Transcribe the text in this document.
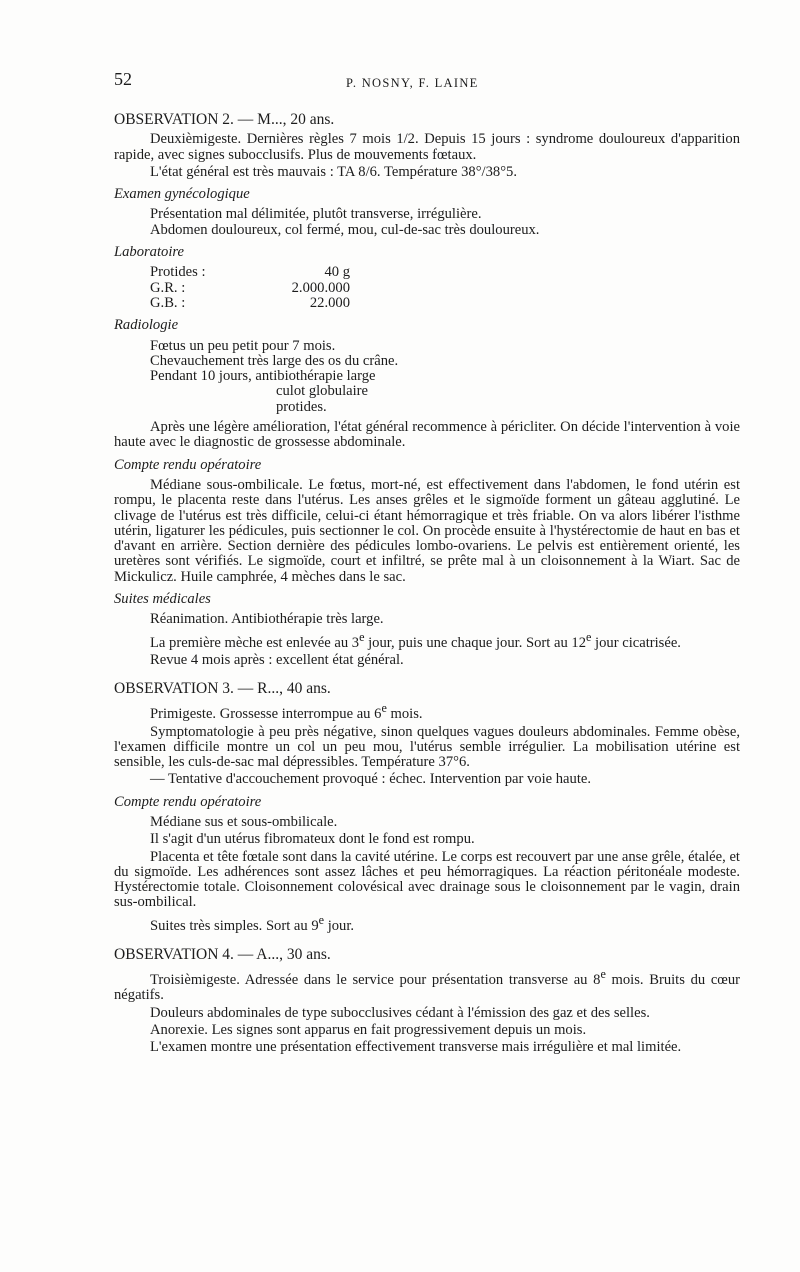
52	P. NOSNY, F. LAINE
OBSERVATION 2. — M..., 20 ans.

Deuxièmigeste. Dernières règles 7 mois 1/2. Depuis 15 jours : syndrome douloureux d'apparition rapide, avec signes subocclusifs. Plus de mouvements fœtaux.

L'état général est très mauvais : TA 8/6. Température 38°/38°5.

Examen gynécologique
Présentation mal délimitée, plutôt transverse, irrégulière.
Abdomen douloureux, col fermé, mou, cul-de-sac très douloureux.
Laboratoire
Protides :	40 g
G.R. :	2.000.000
G.B. :	22.000
Radiologie
Fœtus un peu petit pour 7 mois.
Chevauchement très large des os du crâne.
Pendant 10 jours, antibiothérapie large
culot globulaire
protides.

Après une légère amélioration, l'état général recommence à péricliter. On décide l'intervention à voie haute avec le diagnostic de grossesse abdominale.

Compte rendu opératoire

Médiane sous-ombilicale. Le fœtus, mort-né, est effectivement dans l'abdomen, le fond utérin est rompu, le placenta reste dans l'utérus. Les anses grêles et le sigmoïde forment un gâteau agglutiné. Le clivage de l'utérus est très difficile, celui-ci étant hémorragique et très friable. On va alors libérer l'isthme utérin, ligaturer les pédicules, puis sectionner le col. On procède ensuite à l'hystérectomie de haut en bas et d'avant en arrière. Section dernière des pédicules lombo-ovariens. Le pelvis est entièrement orienté, les uretères sont vérifiés. Le sigmoïde, court et infiltré, se prête mal à un cloisonnement à la Wiart. Sac de Mickulicz. Huile camphrée, 4 mèches dans le sac.

Suites médicales

Réanimation. Antibiothérapie très large.

La première mèche est enlevée au 3e jour, puis une chaque jour. Sort au 12e jour cicatrisée.

Revue 4 mois après : excellent état général.

OBSERVATION 3. — R..., 40 ans.

Primigeste. Grossesse interrompue au 6e mois.

Symptomatologie à peu près négative, sinon quelques vagues douleurs abdominales. Femme obèse, l'examen difficile montre un col un peu mou, l'utérus semble irrégulier. La mobilisation utérine est sensible, les culs-de-sac mal dépressibles. Température 37°6.

— Tentative d'accouchement provoqué : échec. Intervention par voie haute.

Compte rendu opératoire

Médiane sus et sous-ombilicale.

Il s'agit d'un utérus fibromateux dont le fond est rompu.

Placenta et tête fœtale sont dans la cavité utérine. Le corps est recouvert par une anse grêle, étalée, et du sigmoïde. Les adhérences sont assez lâches et peu hémorragiques. La réaction péritonéale modeste. Hystérectomie totale. Cloisonnement colovésical avec drainage sous le cloisonnement par le vagin, drain sus-ombilical.

Suites très simples. Sort au 9e jour.

OBSERVATION 4. — A..., 30 ans.

Troisièmigeste. Adressée dans le service pour présentation transverse au 8e mois. Bruits du cœur négatifs.

Douleurs abdominales de type subocclusives cédant à l'émission des gaz et des selles.

Anorexie. Les signes sont apparus en fait progressivement depuis un mois.

L'examen montre une présentation effectivement transverse mais irrégulière et mal limitée.
